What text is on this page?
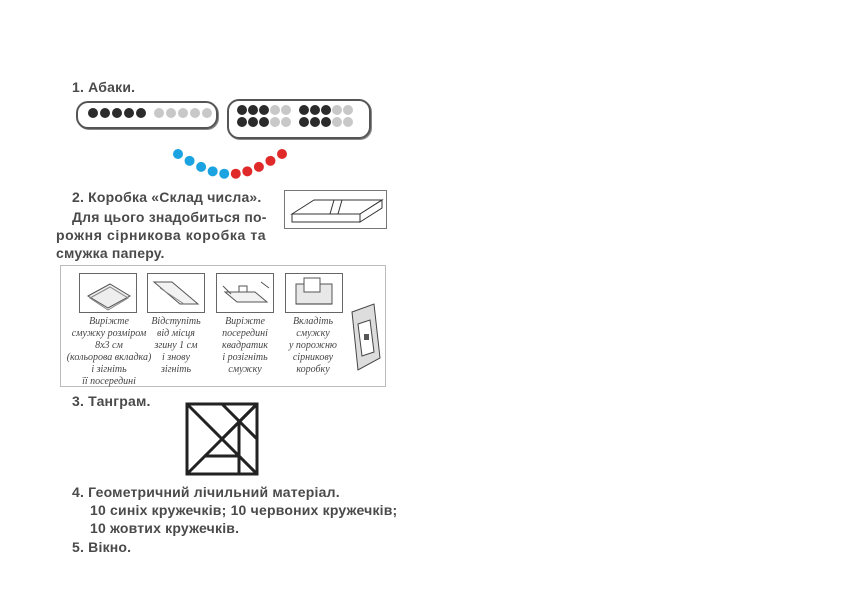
1. Абаки.
2. Коробка «Склад числа».
Для цього знадобиться по-
рожня сірникова коробка та
смужка паперу.
Виріжте
смужку розміром
8x3 см
(кольорова вкладка)
і зігніть
її посередині
Відступіть
від місця
згину 1 см
і знову
зігніть
Виріжте
посередині
квадратик
і розігніть
смужку
Вкладіть
смужку
у порожню
сірникову
коробку
3. Танграм.
4. Геометричний лічильний матеріал.
10 синіх кружечків; 10 червоних кружечків;
10 жовтих кружечків.
5. Вікно.
